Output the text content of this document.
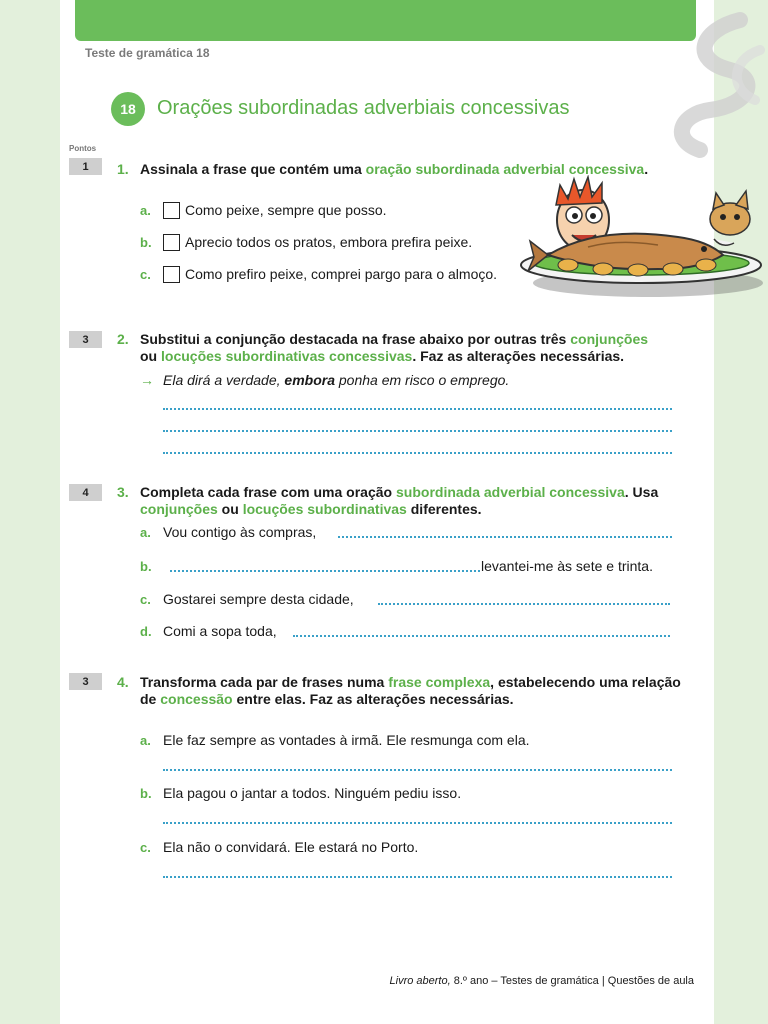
Teste de gramática 18
18	Orações subordinadas adverbiais concessivas
Pontos
1	1. Assinala a frase que contém uma oração subordinada adverbial concessiva.
a. Como peixe, sempre que posso.
b. Aprecio todos os pratos, embora prefira peixe.
c. Como prefiro peixe, comprei pargo para o almoço.
3	2. Substitui a conjunção destacada na frase abaixo por outras três conjunções
ou locuções subordinativas concessivas. Faz as alterações necessárias.
→ Ela dirá a verdade, embora ponha em risco o emprego.
4	3. Completa cada frase com uma oração subordinada adverbial concessiva. Usa conjunções ou locuções subordinativas diferentes.
a. Vou contigo às compras,
b.	levantei-me às sete e trinta.
c. Gostarei sempre desta cidade,
d. Comi a sopa toda,
3	4. Transforma cada par de frases numa frase complexa, estabelecendo uma relação de concessão entre elas. Faz as alterações necessárias.
a. Ele faz sempre as vontades à irmã. Ele resmunga com ela.
b. Ela pagou o jantar a todos. Ninguém pediu isso.
c. Ela não o convidará. Ele estará no Porto.
Livro aberto, 8.º ano – Testes de gramática | Questões de aula
